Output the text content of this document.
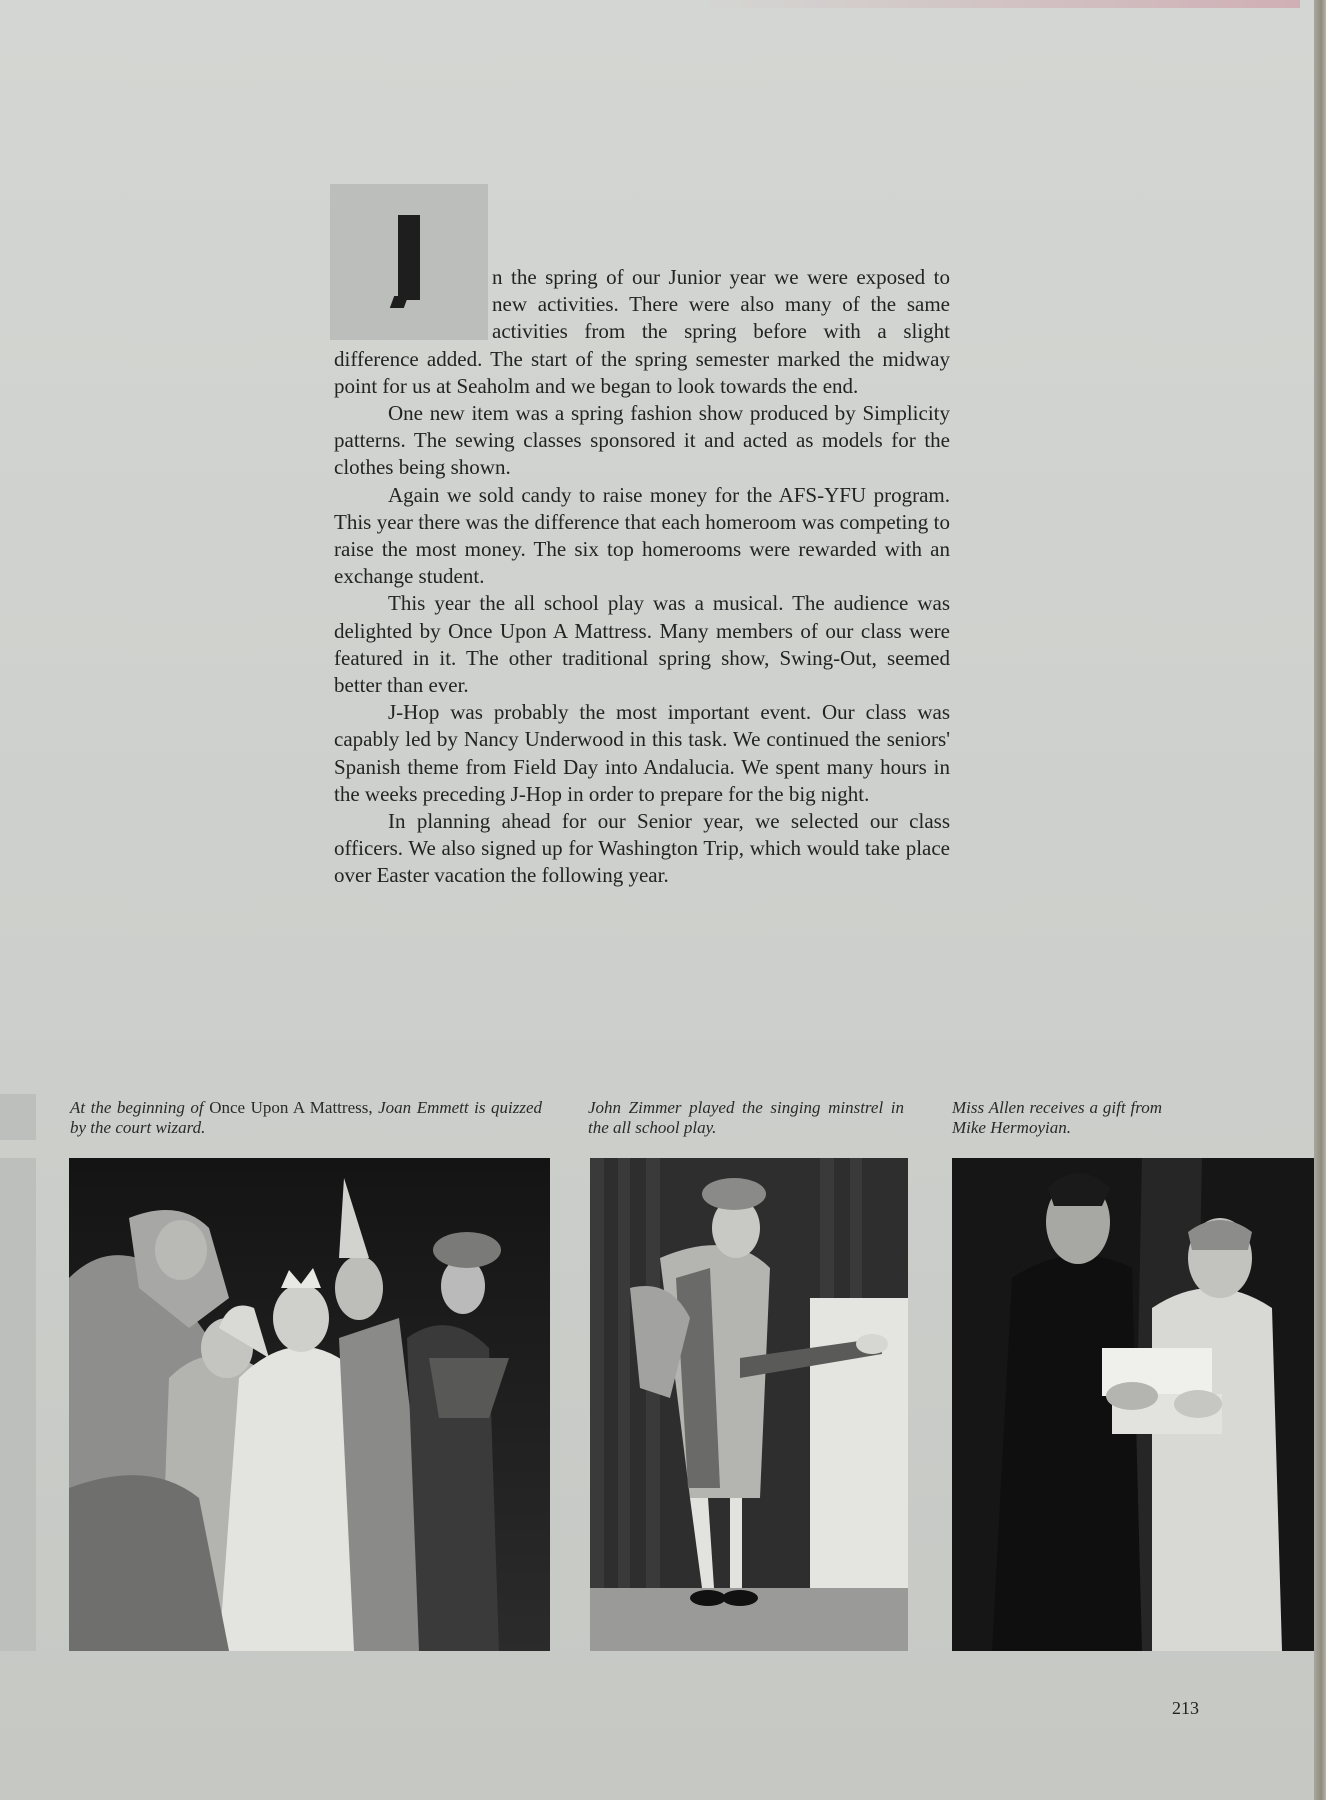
n the spring of our Junior year we were exposed to new activities. There were also many of the same activities from the spring before with a slight difference added. The start of the spring semester marked the midway point for us at Seaholm and we began to look towards the end.

One new item was a spring fashion show produced by Simplicity patterns. The sewing classes sponsored it and acted as models for the clothes being shown.

Again we sold candy to raise money for the AFS-YFU program. This year there was the difference that each homeroom was competing to raise the most money. The six top homerooms were rewarded with an exchange student.

This year the all school play was a musical. The audience was delighted by Once Upon A Mattress. Many members of our class were featured in it. The other traditional spring show, Swing-Out, seemed better than ever.

J-Hop was probably the most important event. Our class was capably led by Nancy Underwood in this task. We continued the seniors' Spanish theme from Field Day into Andalucia. We spent many hours in the weeks preceding J-Hop in order to prepare for the big night.

In planning ahead for our Senior year, we selected our class officers. We also signed up for Washington Trip, which would take place over Easter vacation the following year.

At the beginning of Once Upon A Mattress, Joan Emmett is quizzed by the court wizard.
John Zimmer played the singing minstrel in the all school play.
Miss Allen receives a gift from Mike Hermoyian.
213
